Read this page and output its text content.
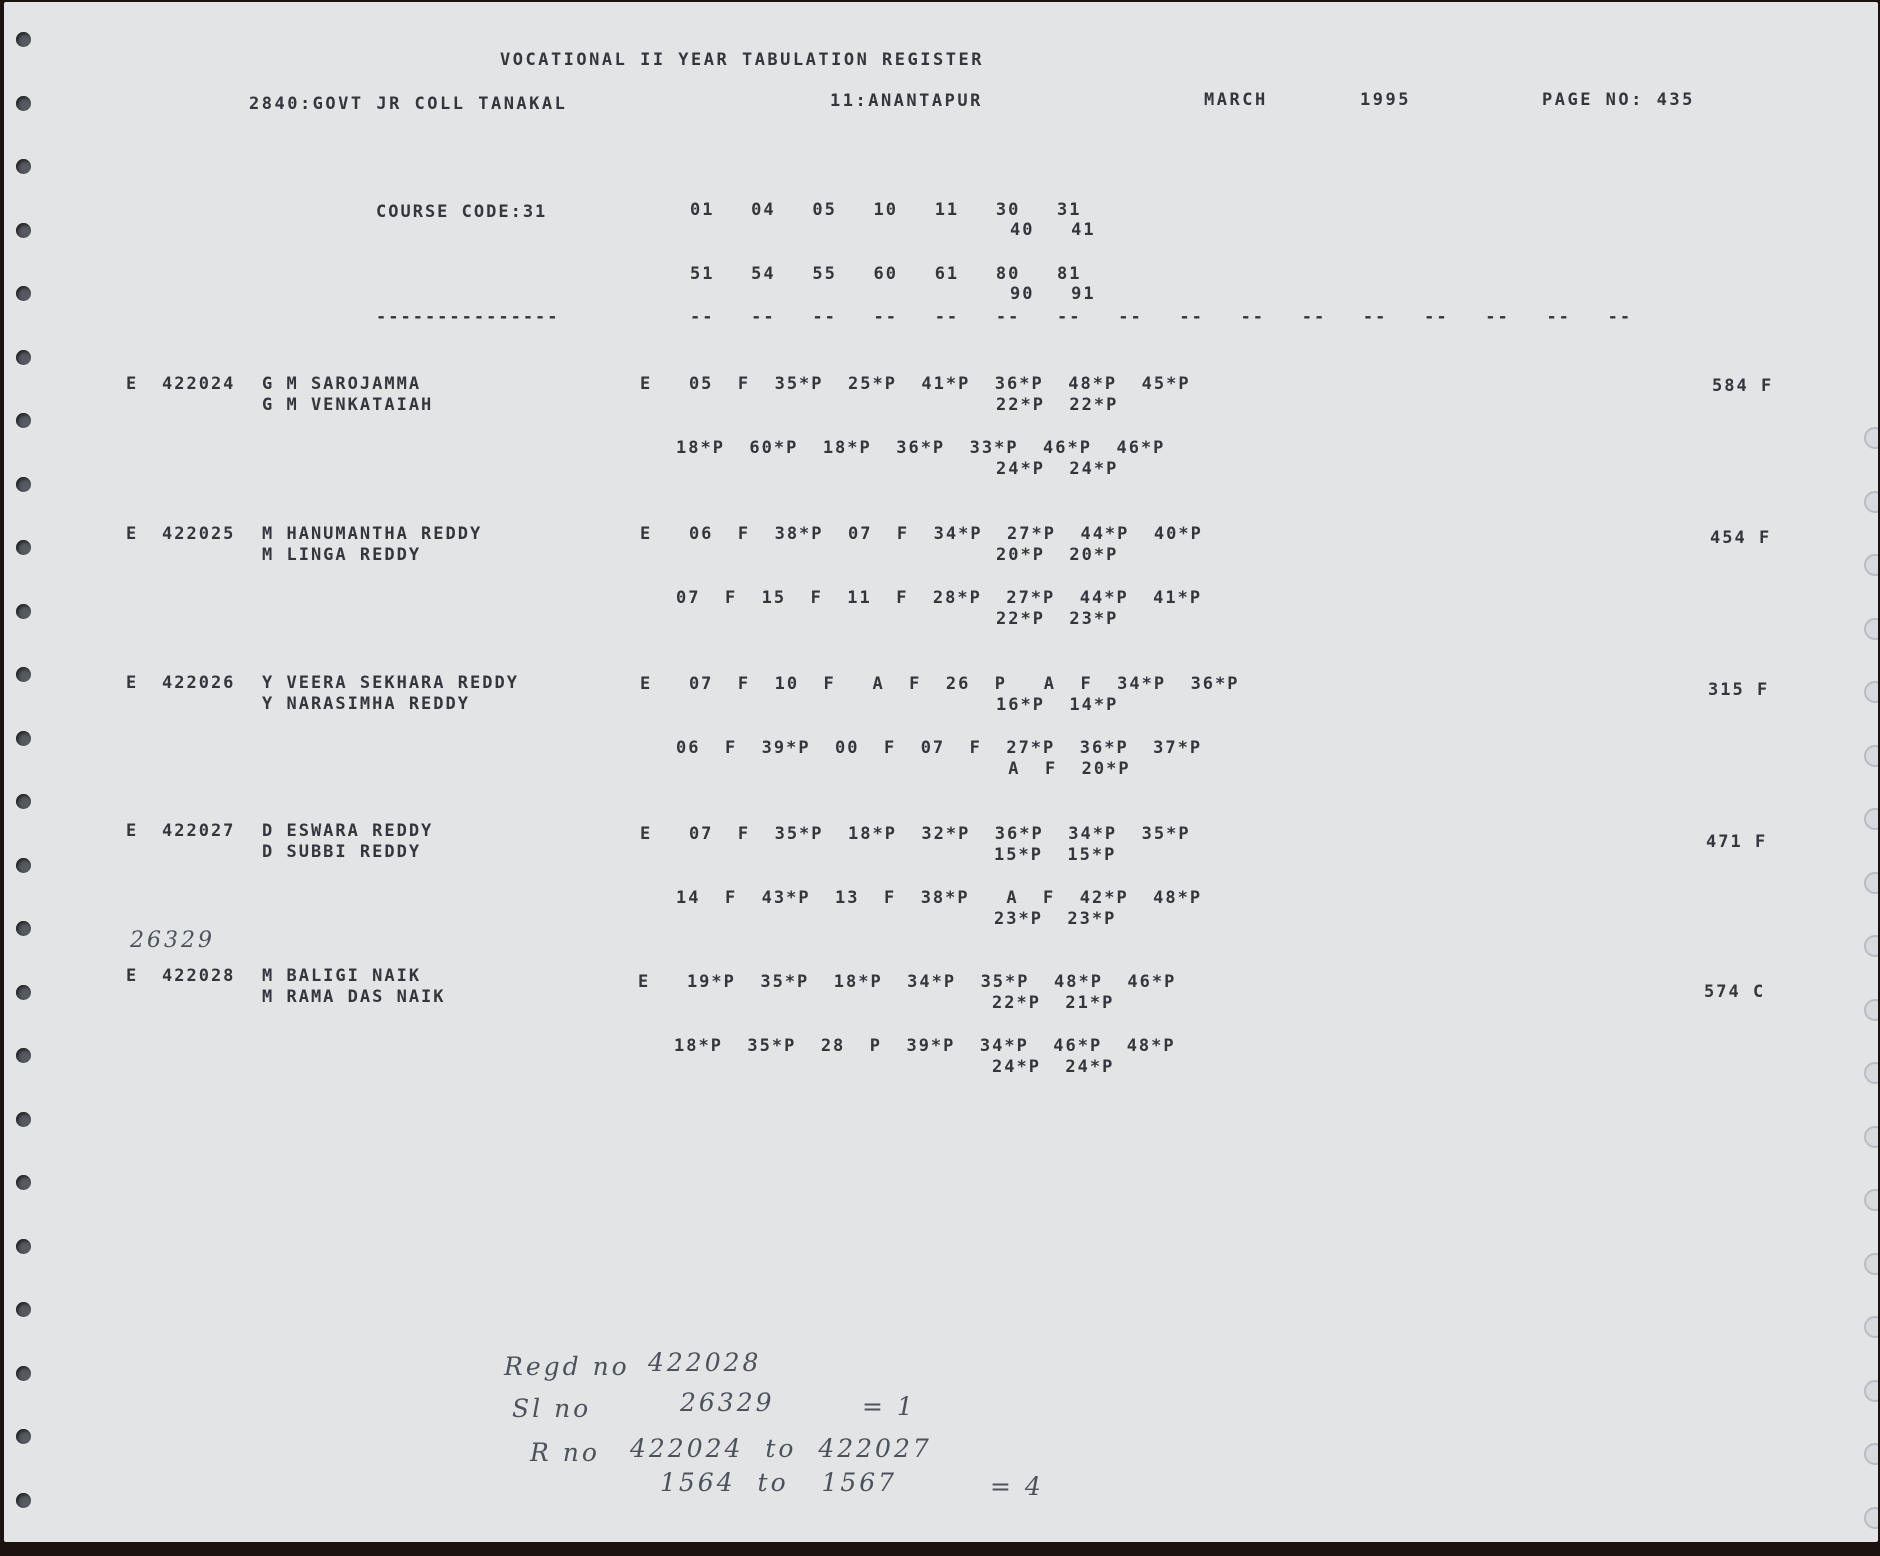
VOCATIONAL II YEAR TABULATION REGISTER
2840:GOVT JR COLL TANAKAL	11:ANANTAPUR	MARCH	1995	PAGE NO: 435
COURSE CODE:31	01   04   05   10   11   30   31
40   41
51   54   55   60   61   80   81
90   91
---------------	--   --   --   --   --   --   --   --   --   --   --   --   --   --   --   --
E 422024 G M SAROJAMMA
G M VENKATAIAH
E   05  F  35*P  25*P  41*P  36*P  48*P  45*P
22*P  22*P
18*P  60*P  18*P  36*P  33*P  46*P  46*P
24*P  24*P
584 F
E 422025 M HANUMANTHA REDDY
M LINGA REDDY
E   06  F  38*P  07  F  34*P  27*P  44*P  40*P
20*P  20*P
07  F  15  F  11  F  28*P  27*P  44*P  41*P
22*P  23*P
454 F
E 422026 Y VEERA SEKHARA REDDY
Y NARASIMHA REDDY
E   07  F  10  F   A  F  26  P   A  F  34*P  36*P
16*P  14*P
06  F  39*P  00  F  07  F  27*P  36*P  37*P
A  F  20*P
315 F
E 422027 D ESWARA REDDY
D SUBBI REDDY
E   07  F  35*P  18*P  32*P  36*P  34*P  35*P
15*P  15*P
14  F  43*P  13  F  38*P   A  F  42*P  48*P
23*P  23*P
471 F
26329
E 422028 M BALIGI NAIK
M RAMA DAS NAIK
E   19*P  35*P  18*P  34*P  35*P  48*P  46*P
22*P  21*P
18*P  35*P  28  P  39*P  34*P  46*P  48*P
24*P  24*P
574 C
Regd no 422028
Sl no	26329	= 1
R no 422024  to  422027
1564  to   1567	= 4
